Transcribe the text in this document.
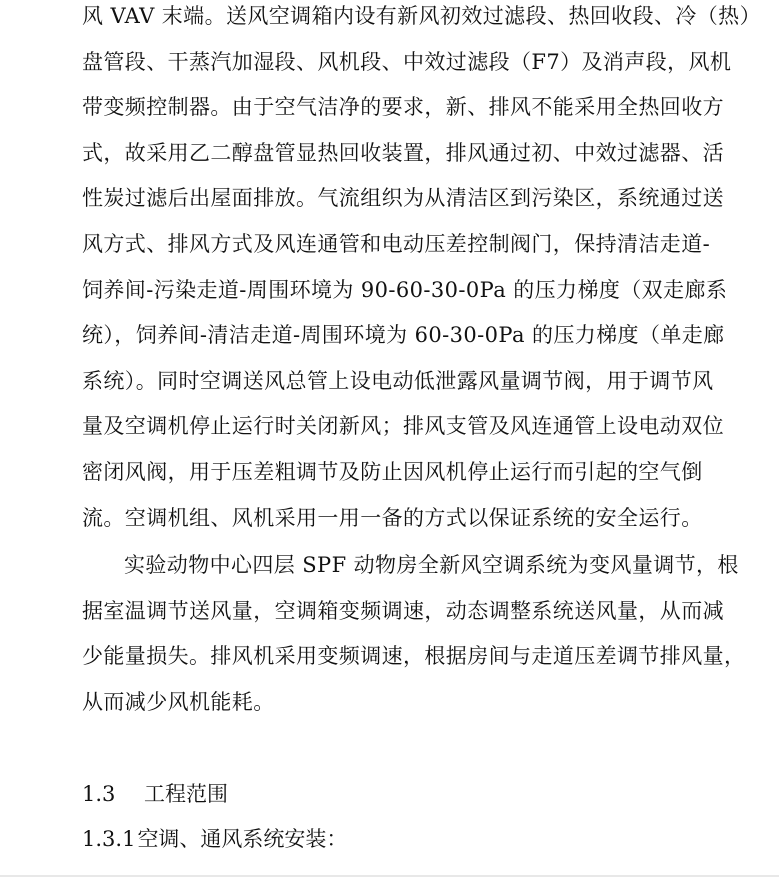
风 VAV 末端。送风空调箱内设有新风初效过滤段、热回收段、冷（热）
盘管段、干蒸汽加湿段、风机段、中效过滤段（F7）及消声段，风机
带变频控制器。由于空气洁净的要求，新、排风不能采用全热回收方
式，故采用乙二醇盘管显热回收装置，排风通过初、中效过滤器、活
性炭过滤后出屋面排放。气流组织为从清洁区到污染区，系统通过送
风方式、排风方式及风连通管和电动压差控制阀门，保持清洁走道-
饲养间-污染走道-周围环境为 90-60-30-0Pa 的压力梯度（双走廊系
统），饲养间-清洁走道-周围环境为 60-30-0Pa 的压力梯度（单走廊
系统）。同时空调送风总管上设电动低泄露风量调节阀，用于调节风
量及空调机停止运行时关闭新风；排风支管及风连通管上设电动双位
密闭风阀，用于压差粗调节及防止因风机停止运行而引起的空气倒
流。空调机组、风机采用一用一备的方式以保证系统的安全运行。
实验动物中心四层 SPF 动物房全新风空调系统为变风量调节，根
据室温调节送风量，空调箱变频调速，动态调整系统送风量，从而减
少能量损失。排风机采用变频调速，根据房间与走道压差调节排风量，
从而减少风机能耗。
1.3 工程范围
1.3.1空调、通风系统安装：
